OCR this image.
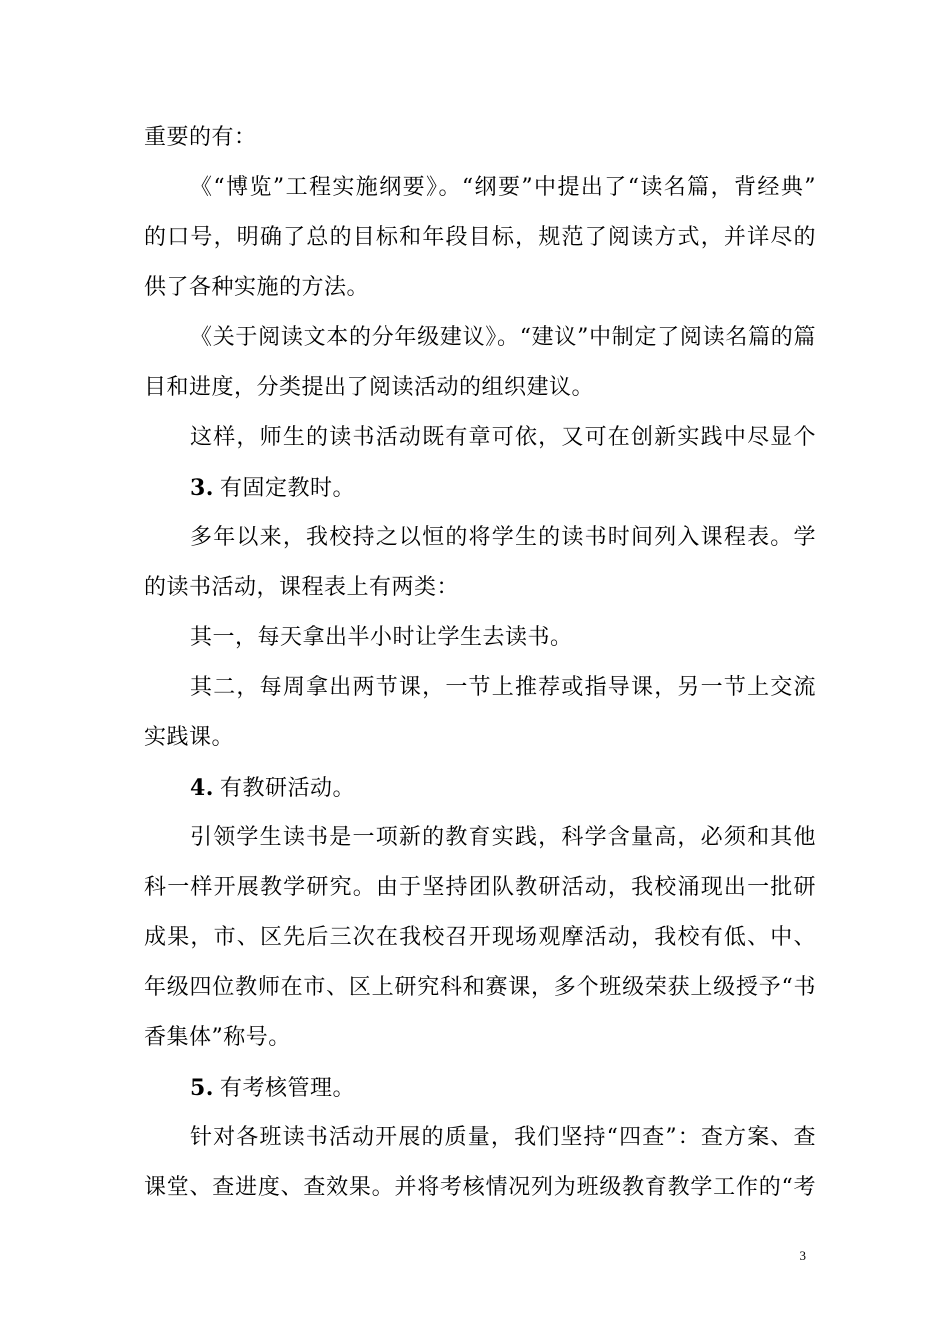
重要的有：
《“博览”工程实施纲要》。“纲要”中提出了“读名篇，背经典”
的口号，明确了总的目标和年段目标，规范了阅读方式，并详尽的
供了各种实施的方法。
《关于阅读文本的分年级建议》。“建议”中制定了阅读名篇的篇
目和进度，分类提出了阅读活动的组织建议。
这样，师生的读书活动既有章可依，又可在创新实践中尽显个
3. 有固定教时。
多年以来，我校持之以恒的将学生的读书时间列入课程表。学
的读书活动，课程表上有两类：
其一，每天拿出半小时让学生去读书。
其二，每周拿出两节课，一节上推荐或指导课，另一节上交流
实践课。
4. 有教研活动。
引领学生读书是一项新的教育实践，科学含量高，必须和其他
科一样开展教学研究。由于坚持团队教研活动，我校涌现出一批研
成果，市、区先后三次在我校召开现场观摩活动，我校有低、中、
年级四位教师在市、区上研究科和赛课，多个班级荣获上级授予“书
香集体”称号。
5. 有考核管理。
针对各班读书活动开展的质量，我们坚持“四查”：查方案、查
课堂、查进度、查效果。并将考核情况列为班级教育教学工作的“考
3
